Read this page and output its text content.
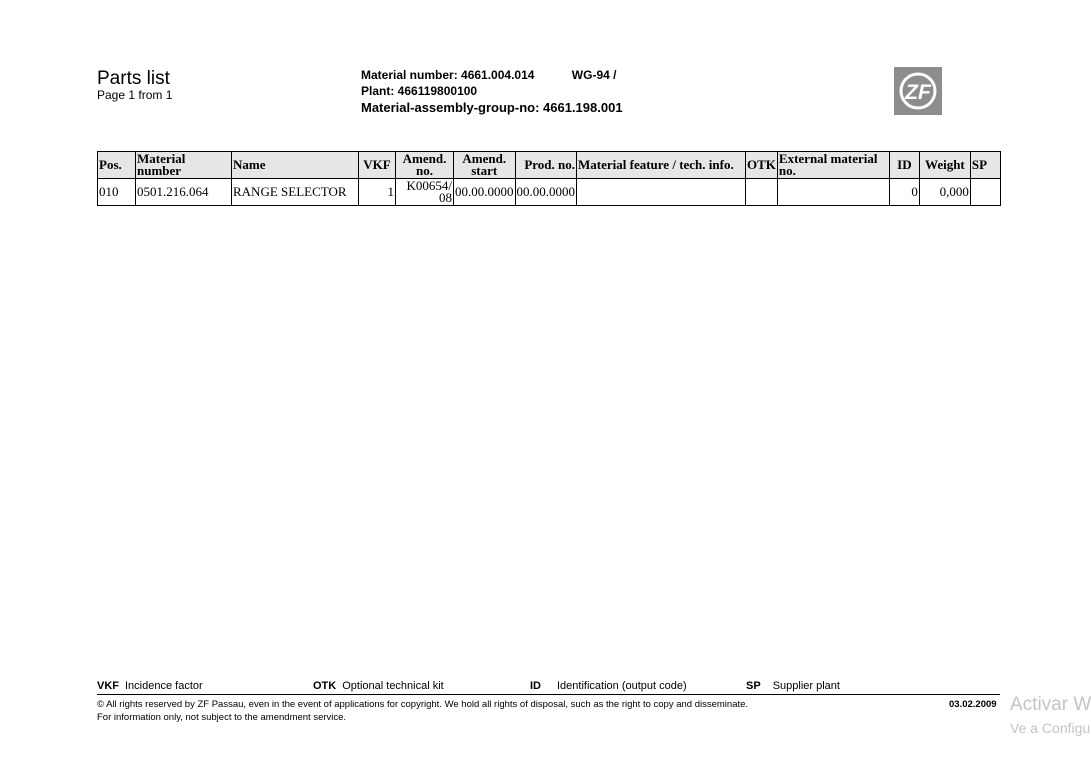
Parts list
Page 1 from 1
Material number: 4661.004.014	WG-94 /
Plant: 466119800100
Material-assembly-group-no: 4661.198.001
ZF
Pos.	Material number	Name	VKF	Amend. no.	Amend. start	Prod. no.	Material feature / tech. info.	OTK	External material no.	ID	Weight	SP
010	0501.216.064	RANGE SELECTOR	1	K00654/ 08	00.00.0000	00.00.0000				0	0,000	
VKF Incidence factor	OTK Optional technical kit	ID Identification (output code)	SP Supplier plant
© All rights reserved by ZF Passau, even in the event of applications for copyright. We hold all rights of disposal, such as the right to copy and disseminate.
For information only, not subject to the amendment service.
03.02.2009 Activar W
Ve a Configu
